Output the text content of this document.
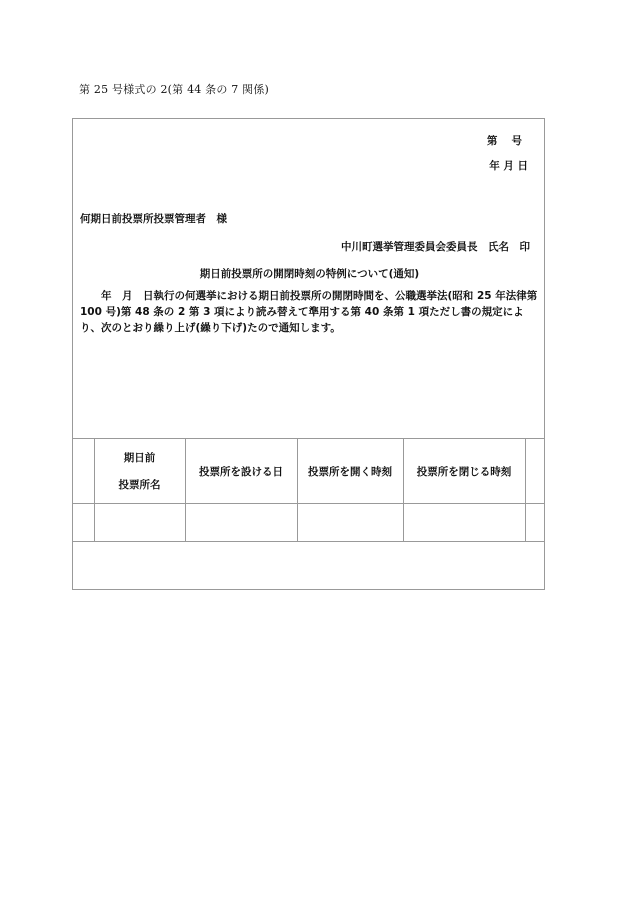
第 25 号様式の 2(第 44 条の 7 関係)
第　 号
年 月 日
何期日前投票所投票管理者　様
中川町選挙管理委員会委員長　氏名　印
期日前投票所の開閉時刻の特例について(通知)
　　年　月　日執行の何選挙における期日前投票所の開閉時間を、公職選挙法(昭和 25 年法律第 100 号)第 48 条の 2 第 3 項により読み替えて準用する第 40 条第 1 項ただし書の規定により、次のとおり繰り上げ(繰り下げ)たので通知します。

	期日前
投票所名	投票所を設ける日	投票所を開く時刻	投票所を閉じる時刻	
